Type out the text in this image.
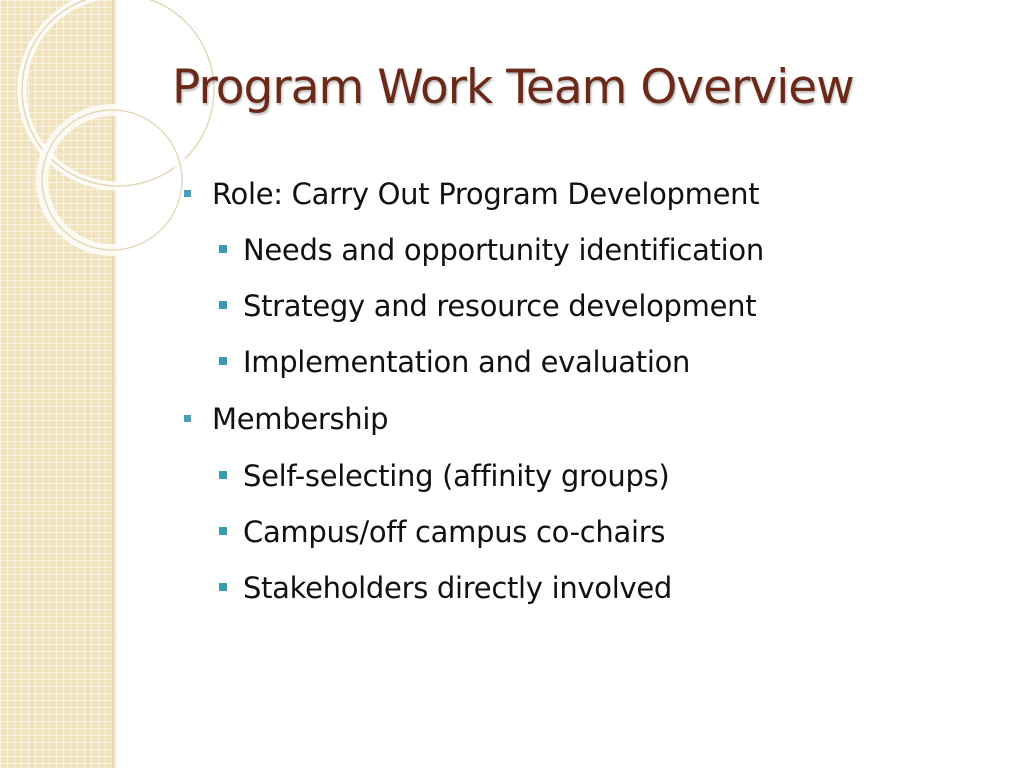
Program Work Team Overview
Role: Carry Out Program Development
Needs and opportunity identification
Strategy and resource development
Implementation and evaluation
Membership
Self-selecting (affinity groups)
Campus/off campus co-chairs
Stakeholders directly involved
